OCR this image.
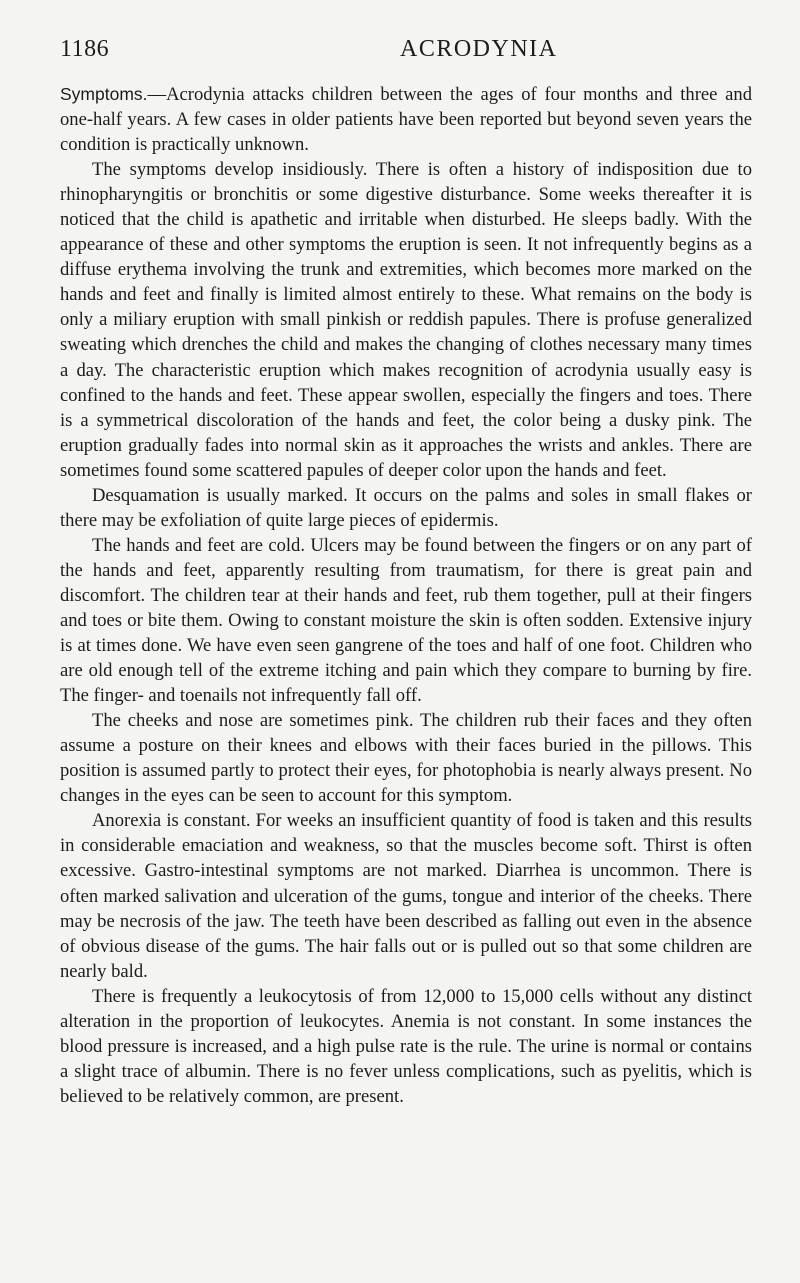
1186	ACRODYNIA

Symptoms.—Acrodynia attacks children between the ages of four months and three and one-half years. A few cases in older patients have been reported but beyond seven years the condition is practically unknown.

The symptoms develop insidiously. There is often a history of indisposition due to rhinopharyngitis or bronchitis or some digestive disturbance. Some weeks thereafter it is noticed that the child is apathetic and irritable when disturbed. He sleeps badly. With the appearance of these and other symptoms the eruption is seen. It not infrequently begins as a diffuse erythema involving the trunk and extremities, which becomes more marked on the hands and feet and finally is limited almost entirely to these. What remains on the body is only a miliary eruption with small pinkish or reddish papules. There is profuse generalized sweating which drenches the child and makes the changing of clothes necessary many times a day. The characteristic eruption which makes recognition of acrodynia usually easy is confined to the hands and feet. These appear swollen, especially the fingers and toes. There is a symmetrical discoloration of the hands and feet, the color being a dusky pink. The eruption gradually fades into normal skin as it approaches the wrists and ankles. There are sometimes found some scattered papules of deeper color upon the hands and feet.

Desquamation is usually marked. It occurs on the palms and soles in small flakes or there may be exfoliation of quite large pieces of epidermis.

The hands and feet are cold. Ulcers may be found between the fingers or on any part of the hands and feet, apparently resulting from traumatism, for there is great pain and discomfort. The children tear at their hands and feet, rub them together, pull at their fingers and toes or bite them. Owing to constant moisture the skin is often sodden. Extensive injury is at times done. We have even seen gangrene of the toes and half of one foot. Children who are old enough tell of the extreme itching and pain which they compare to burning by fire. The finger- and toenails not infrequently fall off.

The cheeks and nose are sometimes pink. The children rub their faces and they often assume a posture on their knees and elbows with their faces buried in the pillows. This position is assumed partly to protect their eyes, for photophobia is nearly always present. No changes in the eyes can be seen to account for this symptom.

Anorexia is constant. For weeks an insufficient quantity of food is taken and this results in considerable emaciation and weakness, so that the muscles become soft. Thirst is often excessive. Gastro-intestinal symptoms are not marked. Diarrhea is uncommon. There is often marked salivation and ulceration of the gums, tongue and interior of the cheeks. There may be necrosis of the jaw. The teeth have been described as falling out even in the absence of obvious disease of the gums. The hair falls out or is pulled out so that some children are nearly bald.

There is frequently a leukocytosis of from 12,000 to 15,000 cells without any distinct alteration in the proportion of leukocytes. Anemia is not constant. In some instances the blood pressure is increased, and a high pulse rate is the rule. The urine is normal or contains a slight trace of albumin. There is no fever unless complications, such as pyelitis, which is believed to be relatively common, are present.
